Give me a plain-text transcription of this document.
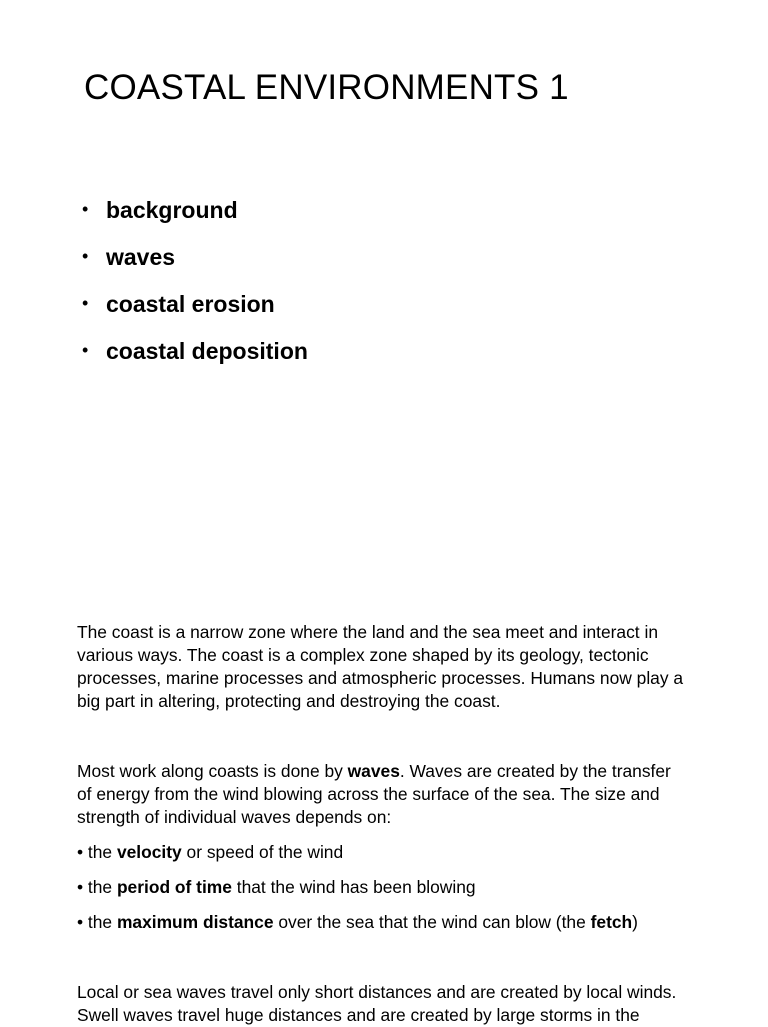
COASTAL ENVIRONMENTS 1
• background
• waves
• coastal erosion
• coastal deposition

The coast is a narrow zone where the land and the sea meet and interact in

various ways. The coast is a complex zone shaped by its geology, tectonic

processes, marine processes and atmospheric processes. Humans now play a

big part in altering, protecting and destroying the coast.

Most work along coasts is done by waves. Waves are created by the transfer

of energy from the wind blowing across the surface of the sea. The size and

strength of individual waves depends on:

• the velocity or speed of the wind
• the period of time that the wind has been blowing
• the maximum distance over the sea that the wind can blow (the fetch)

Local or sea waves travel only short distances and are created by local winds.

Swell waves travel huge distances and are created by large storms in the
